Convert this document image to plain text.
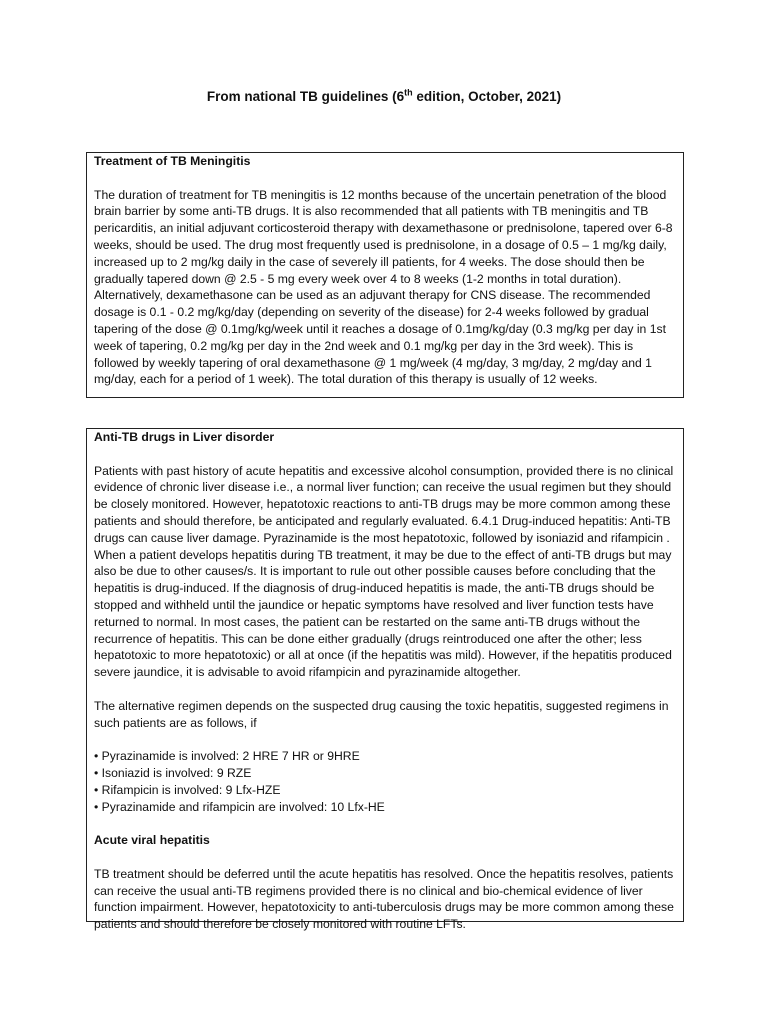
From national TB guidelines (6th edition, October, 2021)
Treatment of TB Meningitis

The duration of treatment for TB meningitis is 12 months because of the uncertain penetration of the blood brain barrier by some anti-TB drugs. It is also recommended that all patients with TB meningitis and TB pericarditis, an initial adjuvant corticosteroid therapy with dexamethasone or prednisolone, tapered over 6-8 weeks, should be used. The drug most frequently used is prednisolone, in a dosage of 0.5 – 1 mg/kg daily, increased up to 2 mg/kg daily in the case of severely ill patients, for 4 weeks. The dose should then be gradually tapered down @ 2.5 - 5 mg every week over 4 to 8 weeks (1-2 months in total duration). Alternatively, dexamethasone can be used as an adjuvant therapy for CNS disease. The recommended dosage is 0.1 - 0.2 mg/kg/day (depending on severity of the disease) for 2-4 weeks followed by gradual tapering of the dose @ 0.1mg/kg/week until it reaches a dosage of 0.1mg/kg/day (0.3 mg/kg per day in 1st week of tapering, 0.2 mg/kg per day in the 2nd week and 0.1 mg/kg per day in the 3rd week). This is followed by weekly tapering of oral dexamethasone @ 1 mg/week (4 mg/day, 3 mg/day, 2 mg/day and 1 mg/day, each for a period of 1 week). The total duration of this therapy is usually of 12 weeks.

Anti-TB drugs in Liver disorder

Patients with past history of acute hepatitis and excessive alcohol consumption, provided there is no clinical evidence of chronic liver disease i.e., a normal liver function; can receive the usual regimen but they should be closely monitored. However, hepatotoxic reactions to anti-TB drugs may be more common among these patients and should therefore, be anticipated and regularly evaluated. 6.4.1 Drug-induced hepatitis: Anti-TB drugs can cause liver damage. Pyrazinamide is the most hepatotoxic, followed by isoniazid and rifampicin . When a patient develops hepatitis during TB treatment, it may be due to the effect of anti-TB drugs but may also be due to other causes/s. It is important to rule out other possible causes before concluding that the hepatitis is drug-induced. If the diagnosis of drug-induced hepatitis is made, the anti-TB drugs should be stopped and withheld until the jaundice or hepatic symptoms have resolved and liver function tests have returned to normal. In most cases, the patient can be restarted on the same anti-TB drugs without the recurrence of hepatitis. This can be done either gradually (drugs reintroduced one after the other; less hepatotoxic to more hepatotoxic) or all at once (if the hepatitis was mild). However, if the hepatitis produced severe jaundice, it is advisable to avoid rifampicin and pyrazinamide altogether.

The alternative regimen depends on the suspected drug causing the toxic hepatitis, suggested regimens in such patients are as follows, if

• Pyrazinamide is involved: 2 HRE 7 HR or 9HRE
• Isoniazid is involved: 9 RZE
• Rifampicin is involved: 9 Lfx-HZE
• Pyrazinamide and rifampicin are involved: 10 Lfx-HE
Acute viral hepatitis

TB treatment should be deferred until the acute hepatitis has resolved. Once the hepatitis resolves, patients can receive the usual anti-TB regimens provided there is no clinical and bio-chemical evidence of liver function impairment. However, hepatotoxicity to anti-tuberculosis drugs may be more common among these patients and should therefore be closely monitored with routine LFTs.
